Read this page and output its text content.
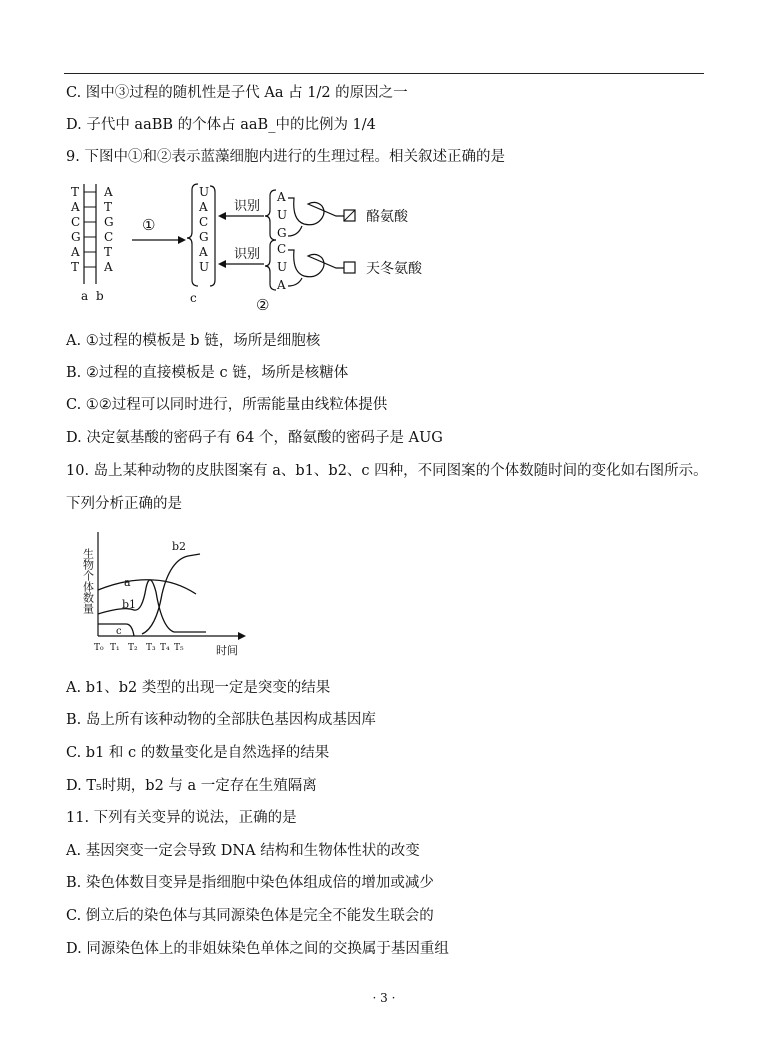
C. 图中③过程的随机性是子代 Aa 占 1/2 的原因之一
D. 子代中 aaBB 的个体占 aaB_中的比例为 1/4
9. 下图中①和②表示蓝藻细胞内进行的生理过程。相关叙述正确的是
T
A
C
G
A
T
A
T
G
C
T
A
a b
①
U
A
C
G
A
U
c
识别
识别
A
U
G
酪氨酸
C
U
A
天冬氨酸
②
A. ①过程的模板是 b 链，场所是细胞核
B. ②过程的直接模板是 c 链，场所是核糖体
C. ①②过程可以同时进行，所需能量由线粒体提供
D. 决定氨基酸的密码子有 64 个，酪氨酸的密码子是 AUG
10. 岛上某种动物的皮肤图案有 a、b1、b2、c 四种，不同图案的个体数随时间的变化如右图所示。
下列分析正确的是
生物个体数量	a
b1
b2
c
T₀ T₁ T₂ T₃ T₄ T₅	时间
A. b1、b2 类型的出现一定是突变的结果
B. 岛上所有该种动物的全部肤色基因构成基因库
C. b1 和 c 的数量变化是自然选择的结果
D. T₅时期，b2 与 a 一定存在生殖隔离
11. 下列有关变异的说法，正确的是
A. 基因突变一定会导致 DNA 结构和生物体性状的改变
B. 染色体数目变异是指细胞中染色体组成倍的增加或减少
C. 倒立后的染色体与其同源染色体是完全不能发生联会的
D. 同源染色体上的非姐妹染色单体之间的交换属于基因重组
· 3 ·
